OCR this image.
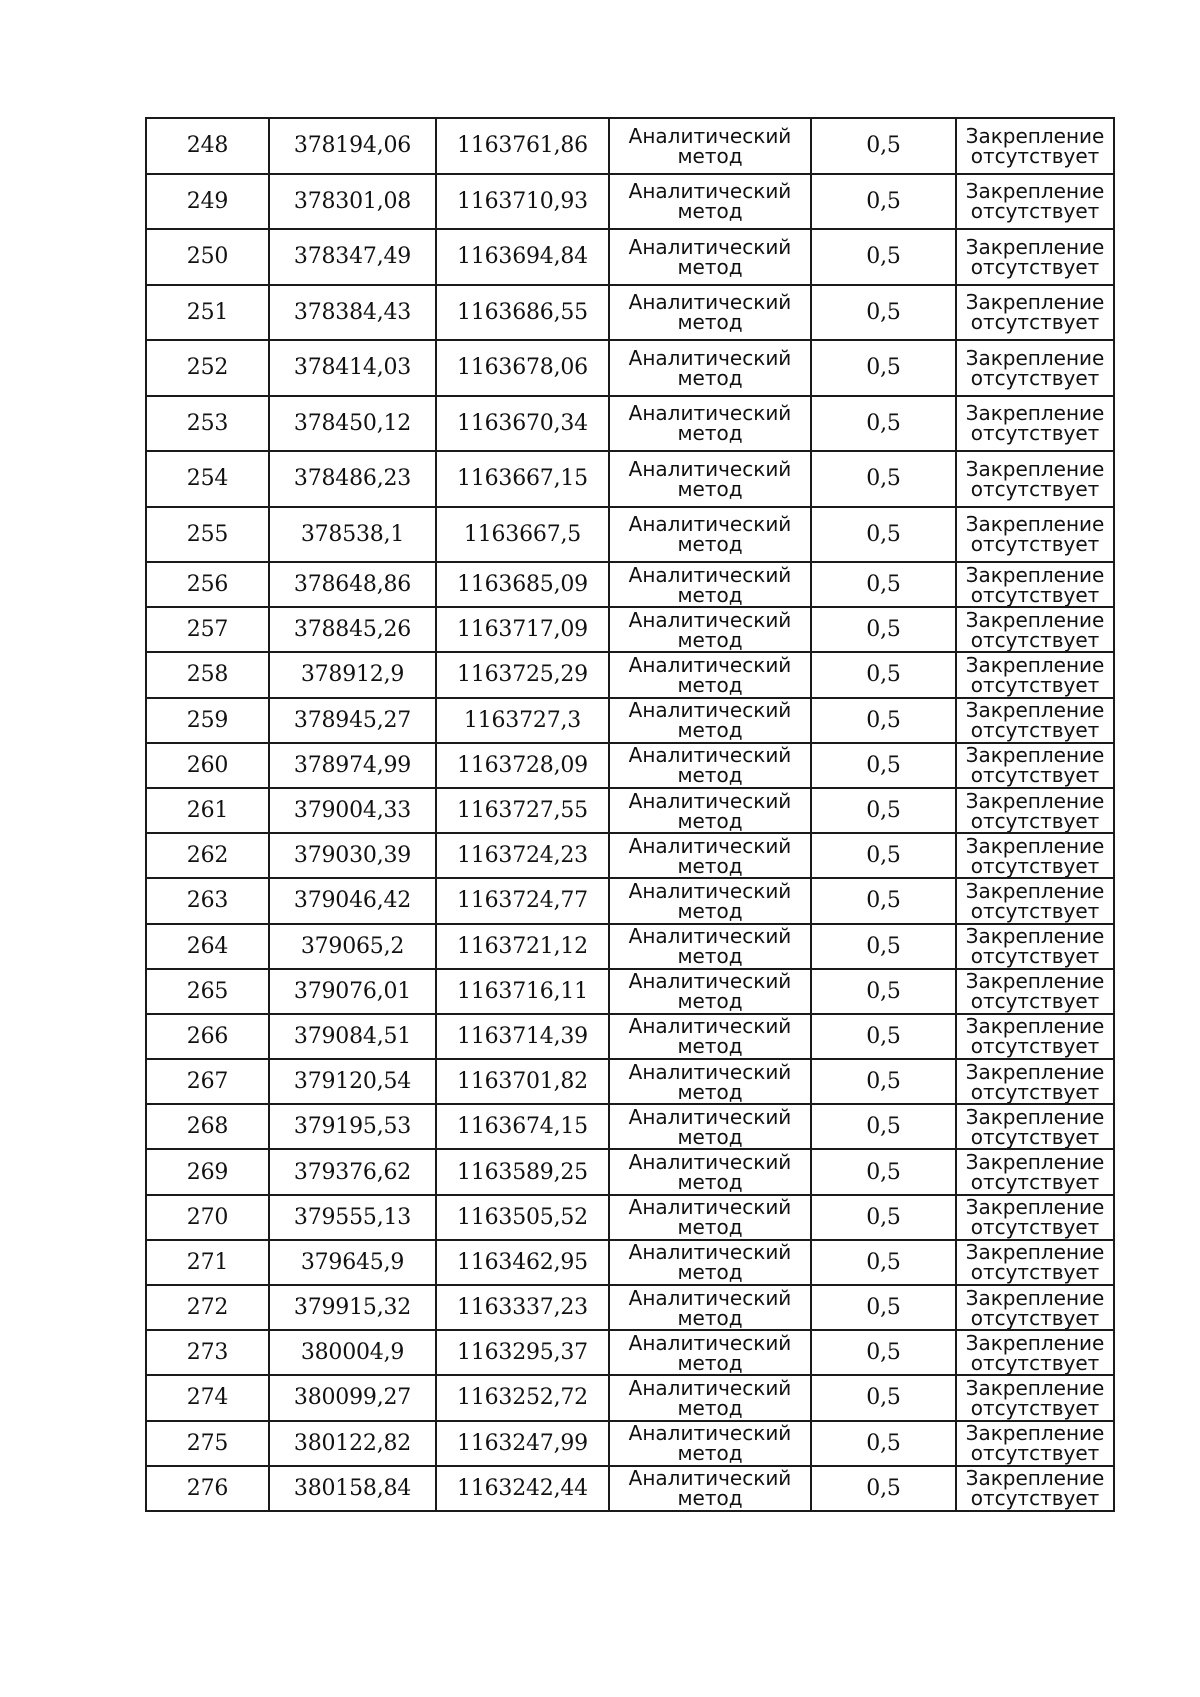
248	378194,06	1163761,86	Аналитический
метод	0,5	Закрепление
отсутствует

249	378301,08	1163710,93	Аналитический
метод	0,5	Закрепление
отсутствует

250	378347,49	1163694,84	Аналитический
метод	0,5	Закрепление
отсутствует

251	378384,43	1163686,55	Аналитический
метод	0,5	Закрепление
отсутствует

252	378414,03	1163678,06	Аналитический
метод	0,5	Закрепление
отсутствует

253	378450,12	1163670,34	Аналитический
метод	0,5	Закрепление
отсутствует

254	378486,23	1163667,15	Аналитический
метод	0,5	Закрепление
отсутствует

255	378538,1	1163667,5	Аналитический
метод	0,5	Закрепление
отсутствует

256	378648,86	1163685,09	Аналитический
метод	0,5	Закрепление
отсутствует

257	378845,26	1163717,09	Аналитический
метод	0,5	Закрепление
отсутствует

258	378912,9	1163725,29	Аналитический
метод	0,5	Закрепление
отсутствует

259	378945,27	1163727,3	Аналитический
метод	0,5	Закрепление
отсутствует

260	378974,99	1163728,09	Аналитический
метод	0,5	Закрепление
отсутствует

261	379004,33	1163727,55	Аналитический
метод	0,5	Закрепление
отсутствует

262	379030,39	1163724,23	Аналитический
метод	0,5	Закрепление
отсутствует

263	379046,42	1163724,77	Аналитический
метод	0,5	Закрепление
отсутствует

264	379065,2	1163721,12	Аналитический
метод	0,5	Закрепление
отсутствует

265	379076,01	1163716,11	Аналитический
метод	0,5	Закрепление
отсутствует

266	379084,51	1163714,39	Аналитический
метод	0,5	Закрепление
отсутствует

267	379120,54	1163701,82	Аналитический
метод	0,5	Закрепление
отсутствует

268	379195,53	1163674,15	Аналитический
метод	0,5	Закрепление
отсутствует

269	379376,62	1163589,25	Аналитический
метод	0,5	Закрепление
отсутствует

270	379555,13	1163505,52	Аналитический
метод	0,5	Закрепление
отсутствует

271	379645,9	1163462,95	Аналитический
метод	0,5	Закрепление
отсутствует

272	379915,32	1163337,23	Аналитический
метод	0,5	Закрепление
отсутствует

273	380004,9	1163295,37	Аналитический
метод	0,5	Закрепление
отсутствует

274	380099,27	1163252,72	Аналитический
метод	0,5	Закрепление
отсутствует

275	380122,82	1163247,99	Аналитический
метод	0,5	Закрепление
отсутствует

276	380158,84	1163242,44	Аналитический
метод	0,5	Закрепление
отсутствует
